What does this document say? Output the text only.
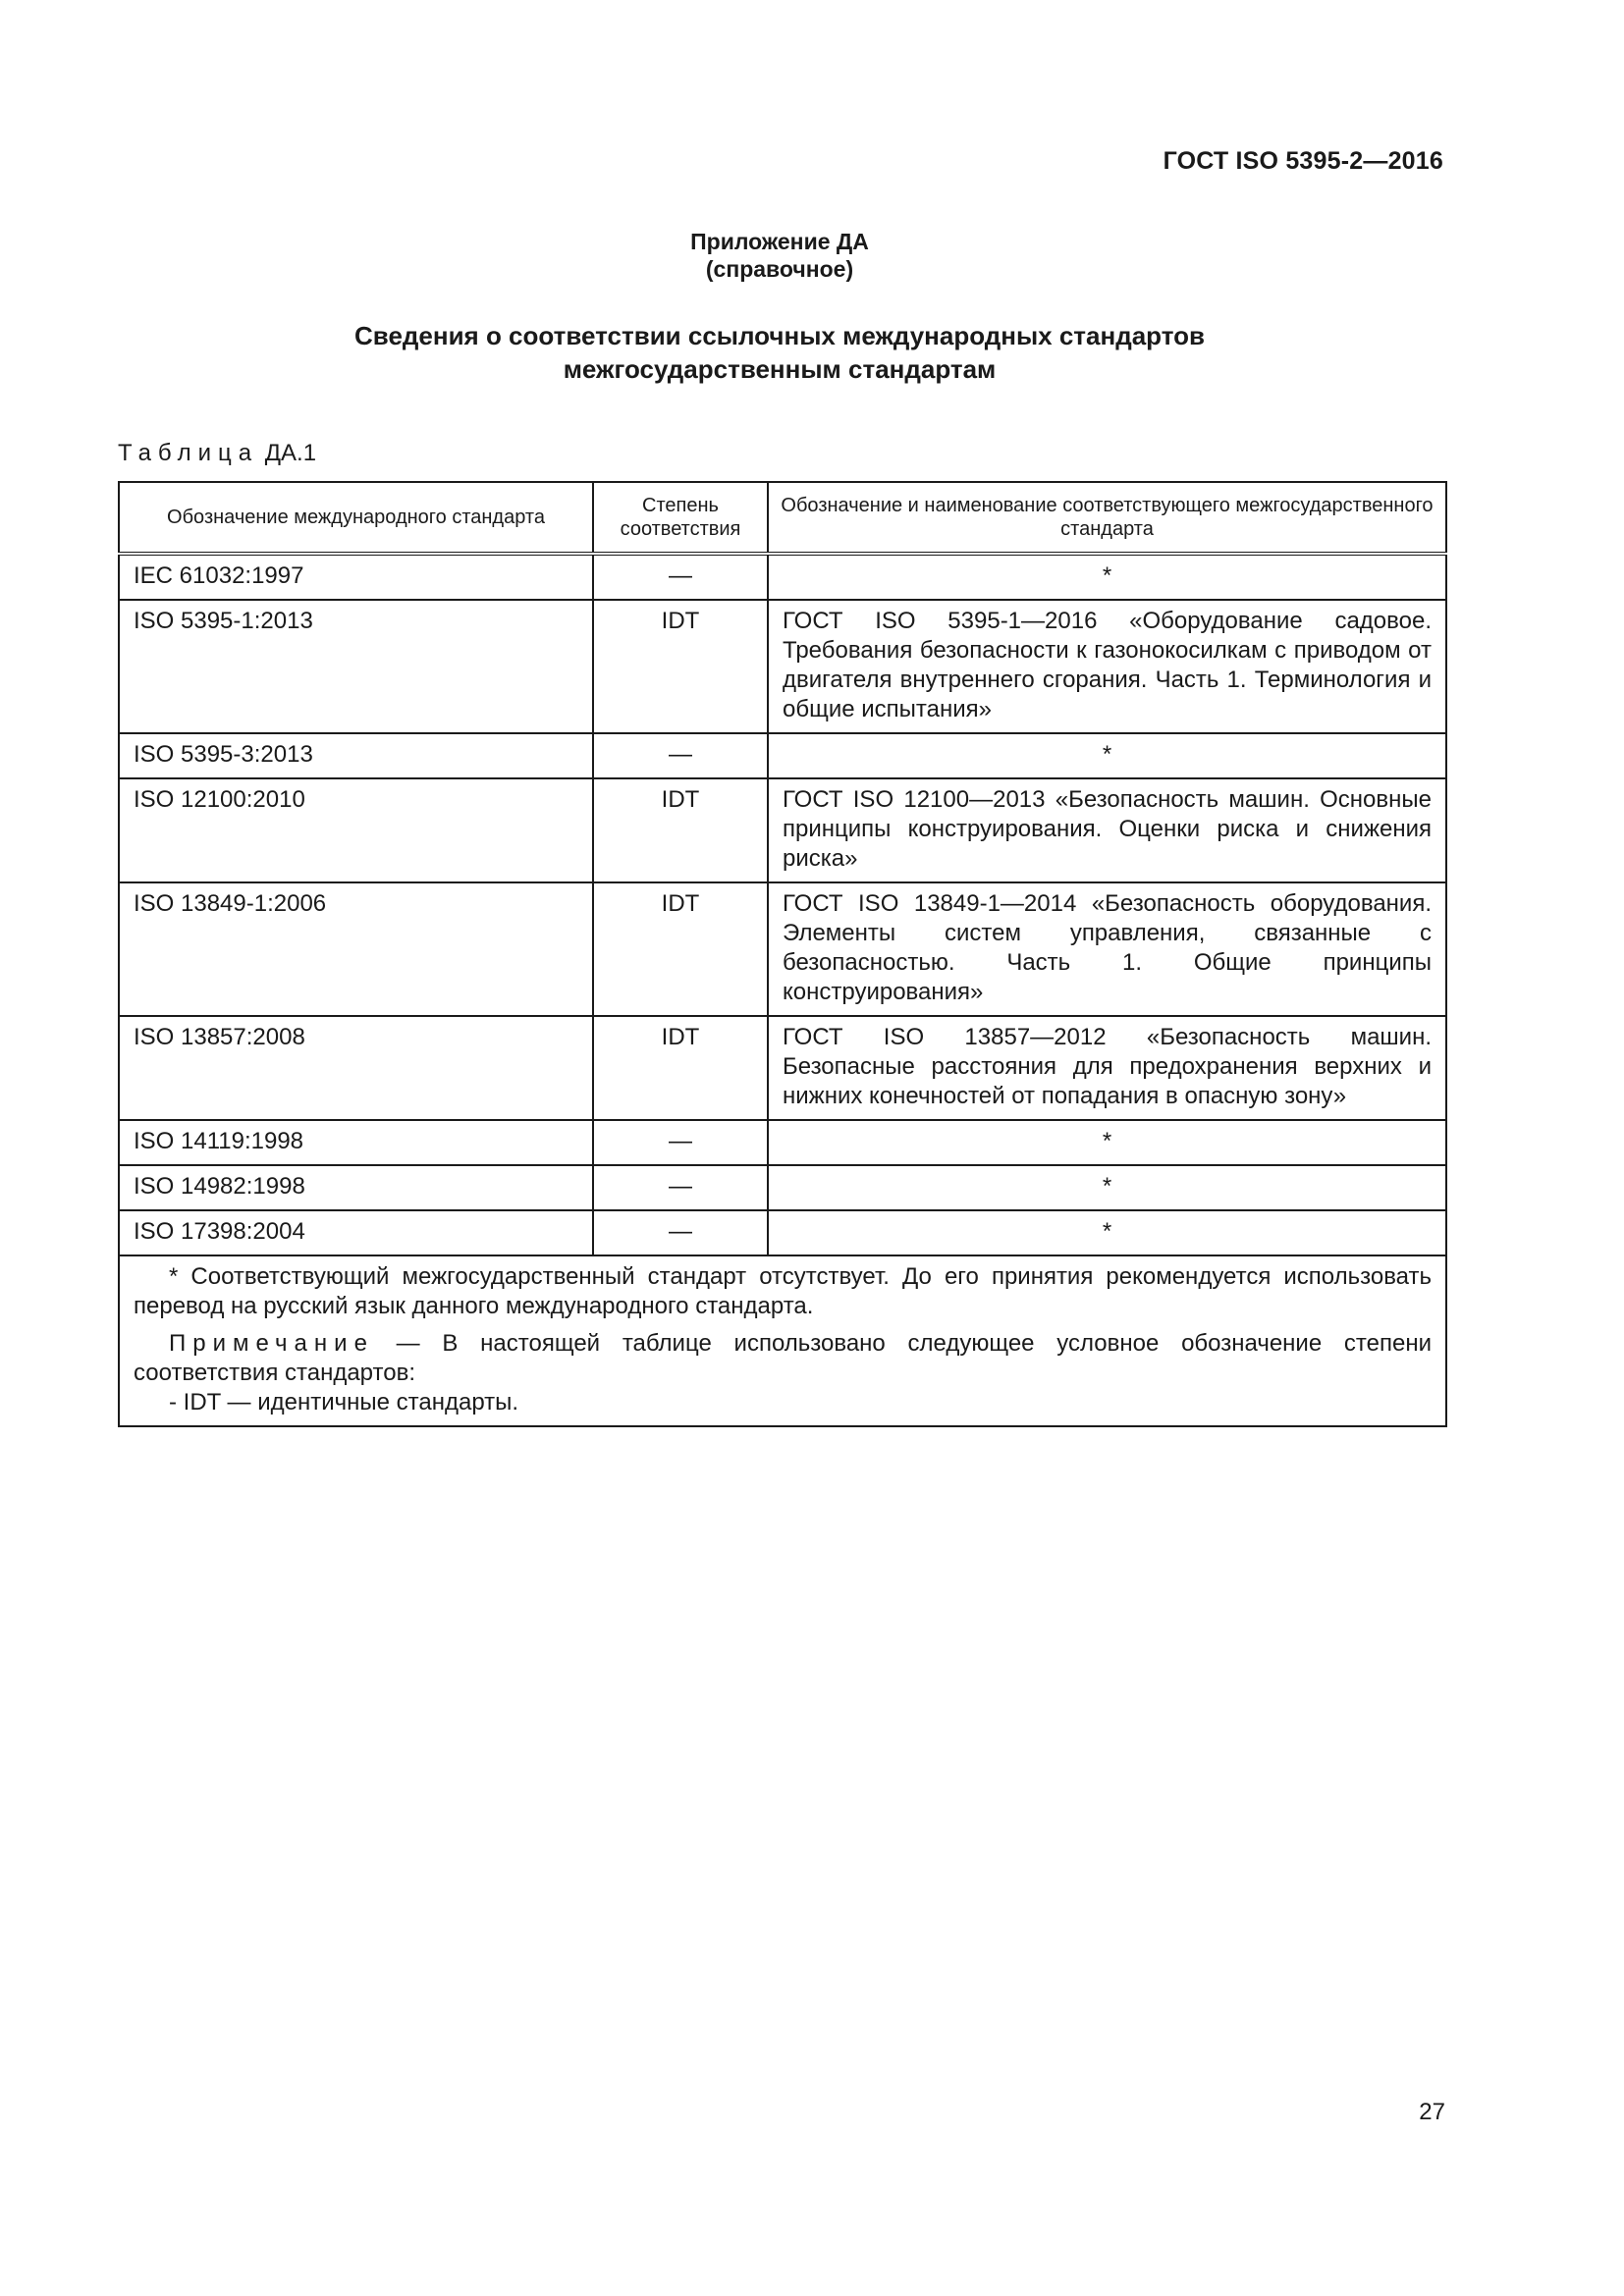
ГОСТ ISO 5395-2—2016
Приложение ДА
(справочное)
Сведения о соответствии ссылочных международных стандартов
межгосударственным стандартам
Таблица ДА.1
Обозначение международного стандарта	Степень соответствия	Обозначение и наименование соответствующего межгосударственного стандарта
IEC 61032:1997	—	*
ISO 5395-1:2013	IDT	ГОСТ ISO 5395-1—2016 «Оборудование садовое. Требования безопасности к газонокосилкам с приводом от двигателя внутреннего сгорания. Часть 1. Терминология и общие испытания»
ISO 5395-3:2013	—	*
ISO 12100:2010	IDT	ГОСТ ISO 12100—2013 «Безопасность машин. Основные принципы конструирования. Оценки риска и снижения риска»
ISO 13849-1:2006	IDT	ГОСТ ISO 13849-1—2014 «Безопасность оборудования. Элементы систем управления, связанные с безопасностью. Часть 1. Общие принципы конструирования»
ISO 13857:2008	IDT	ГОСТ ISO 13857—2012 «Безопасность машин. Безопасные расстояния для предохранения верхних и нижних конечностей от попадания в опасную зону»
ISO 14119:1998	—	*
ISO 14982:1998	—	*
ISO 17398:2004	—	*

* Соответствующий межгосударственный стандарт отсутствует. До его принятия рекомендуется использовать перевод на русский язык данного международного стандарта.

Примечание — В настоящей таблице использовано следующее условное обозначение степени соответствия стандартов:

- IDT — идентичные стандарты.		

27
